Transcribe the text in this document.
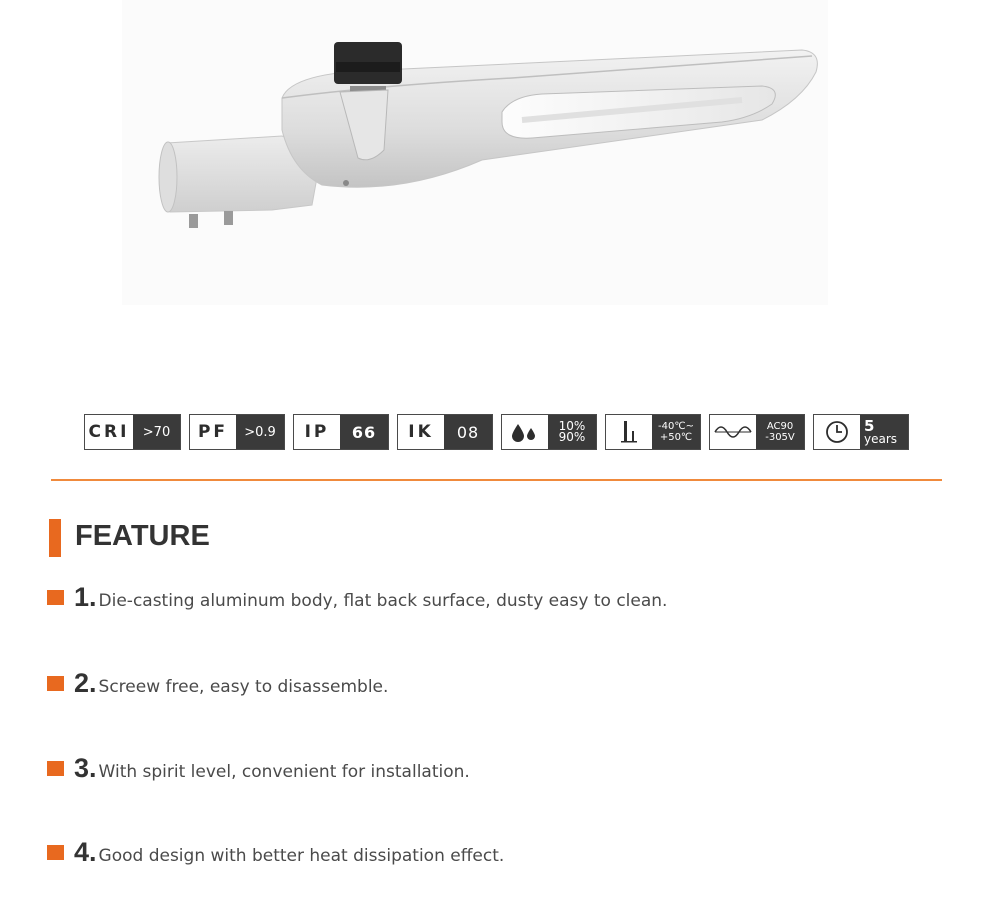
CRI	>70	PF	>0.9	IP	66	IK	08	10%
90%
-40℃~
+50℃
AC90
-305V
5
years
FEATURE
1. Die-casting aluminum body, flat back surface, dusty easy to clean.
2. Screew free, easy to disassemble.
3. With spirit level, convenient for installation.
4. Good design with better heat dissipation effect.
